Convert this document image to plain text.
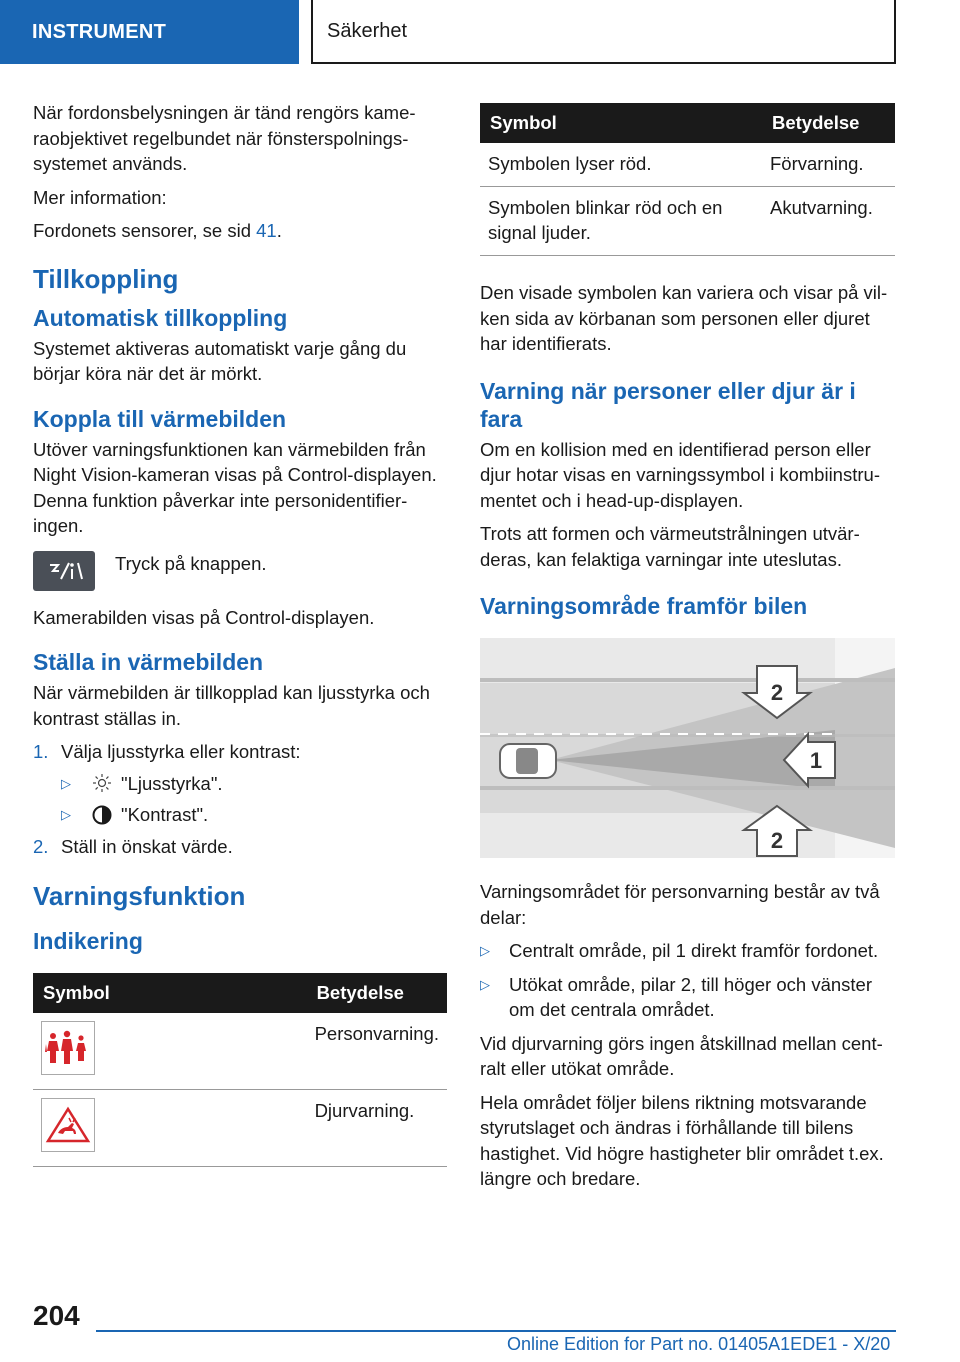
INSTRUMENT	Säkerhet

När fordonsbelysningen är tänd rengörs kameraobjektivet regelbundet när fönsterspolningssystemet används.

Mer information:

Fordonets sensorer, se sid 41.

Tillkoppling
Automatisk tillkoppling

Systemet aktiveras automatiskt varje gång du börjar köra när det är mörkt.

Koppla till värmebilden

Utöver varningsfunktionen kan värmebilden från Night Vision-kameran visas på Control-displayen. Denna funktion påverkar inte personidentifieringen.

Tryck på knappen.

Kamerabilden visas på Control-displayen.

Ställa in värmebilden

När värmebilden är tillkopplad kan ljusstyrka och kontrast ställas in.

1. Välja ljusstyrka eller kontrast:
▷	"Ljusstyrka".
▷	"Kontrast".
2. Ställ in önskat värde.
Varningsfunktion
Indikering
Symbol	Betydelse

	Personvarning.

	Djurvarning.
Symbol	Betydelse
Symbolen lyser röd.	Förvarning.
Symbolen blinkar röd och en signal ljuder.	Akutvarning.

Den visade symbolen kan variera och visar på vilken sida av körbanan som personen eller djuret har identifierats.

Varning när personer eller djur är i fara

Om en kollision med en identifierad person eller djur hotar visas en varningssymbol i kombiinstrumentet och i head-up-displayen.

Trots att formen och värmeutstrålningen utvärderas, kan felaktiga varningar inte uteslutas.

Varningsområde framför bilen
2
1
2

Varningsområdet för personvarning består av två delar:

▷ Centralt område, pil 1 direkt framför fordonet.
▷ Utökat område, pilar 2, till höger och vänster om det centrala området.

Vid djurvarning görs ingen åtskillnad mellan centralt eller utökat område.

Hela området följer bilens riktning motsvarande styrutslaget och ändras i förhållande till bilens hastighet. Vid högre hastigheter blir området t.ex. längre och bredare.

204
Online Edition for Part no. 01405A1EDE1 - X/20
